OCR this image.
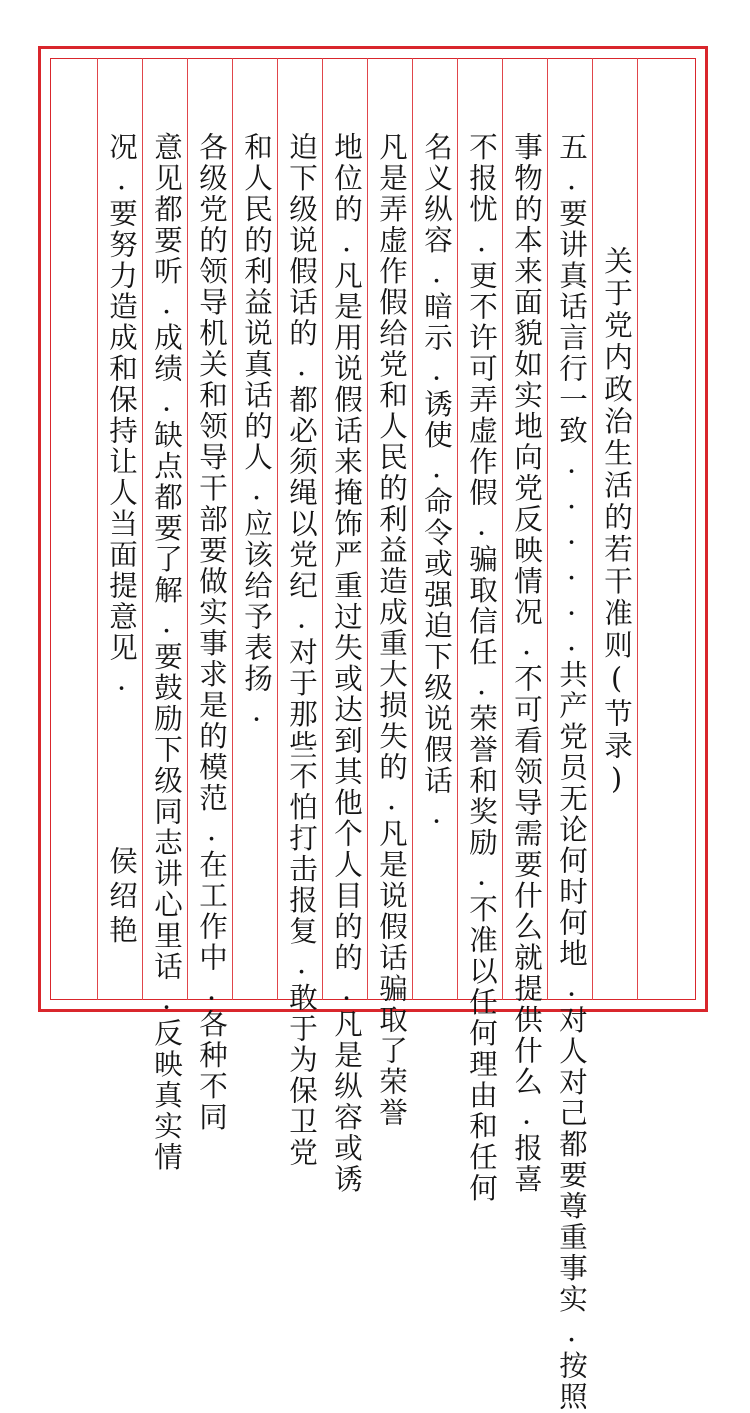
关于党内政治生活的若干准则(节录)
五.要讲真话言行一致......共产党员无论何时何地.对人对己都要尊重事实.按照
事物的本来面貌如实地向党反映情况.不可看领导需要什么就提供什么.报喜
不报忧.更不许可弄虚作假.骗取信任.荣誉和奖励.不准以任何理由和任何
名义纵容.暗示.诱使.命令或强迫下级说假话.
凡是弄虚作假给党和人民的利益造成重大损失的.凡是说假话骗取了荣誉
地位的.凡是用说假话来掩饰严重过失或达到其他个人目的的.凡是纵容或诱
迫下级说假话的.都必须绳以党纪.对于那些不怕打击报复.敢于为保卫党
和人民的利益说真话的人.应该给予表扬.
各级党的领导机关和领导干部要做实事求是的模范.在工作中.各种不同
意见都要听.成绩.缺点都要了解.要鼓励下级同志讲心里话.反映真实情
况.要努力造成和保持让人当面提意见.
侯绍艳
